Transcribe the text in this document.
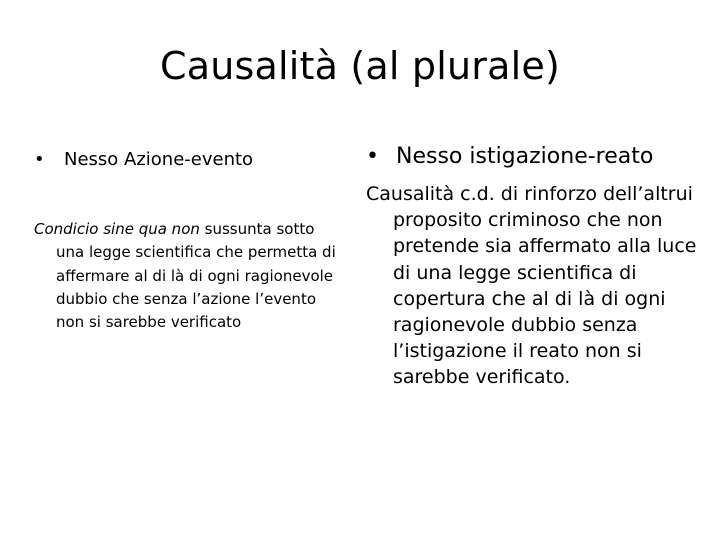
Causalità (al plurale)
•	Nesso Azione-evento

Condicio sine qua non sussunta sotto una legge scientifica che permetta di affermare al di là di ogni ragionevole dubbio che senza l’azione l’evento non si sarebbe verificato

• Nesso istigazione-reato

Causalità c.d. di rinforzo dell’altrui proposito criminoso che non pretende sia affermato alla luce di una legge scientifica di copertura che al di là di ogni ragionevole dubbio senza l’istigazione il reato non si sarebbe verificato.
